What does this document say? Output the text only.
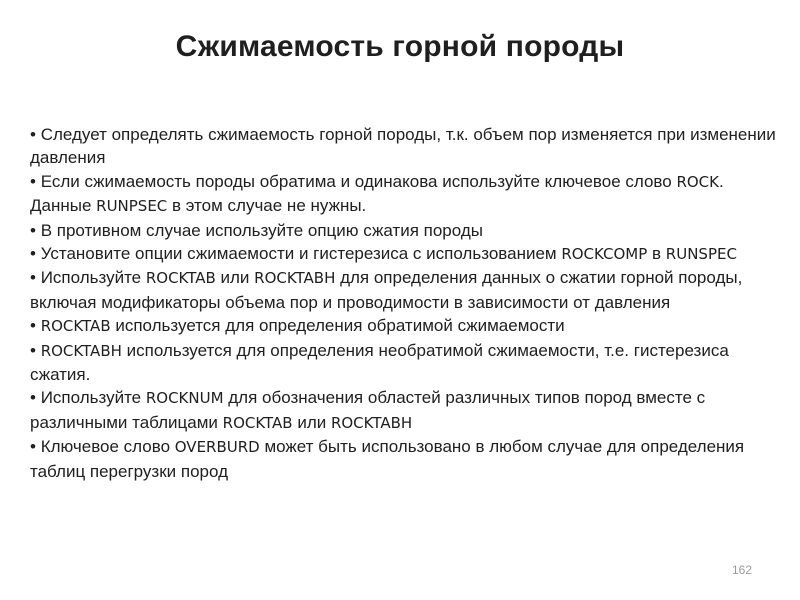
Сжимаемость горной породы
• Следует определять сжимаемость горной породы, т.к. объем пор изменяется при изменении давления
• Если сжимаемость породы обратима и одинакова используйте ключевое слово ROCK. Данные RUNPSEC в этом случае не нужны.
• В противном случае используйте опцию сжатия породы
• Установите опции сжимаемости и гистерезиса с использованием ROCKCOMP в RUNSPEC
• Используйте ROCKTAB или ROCKTABH для определения данных о сжатии горной породы, включая модификаторы объема пор и проводимости в зависимости от давления
• ROCKTAB используется для определения обратимой сжимаемости
• ROCKTABH используется для определения необратимой сжимаемости, т.е. гистерезиса сжатия.
• Используйте ROCKNUM для обозначения областей различных типов пород вместе с различными таблицами ROCKTAB или ROCKTABH
• Ключевое слово OVERBURD может быть использовано в любом случае для определения таблиц перегрузки пород
162
